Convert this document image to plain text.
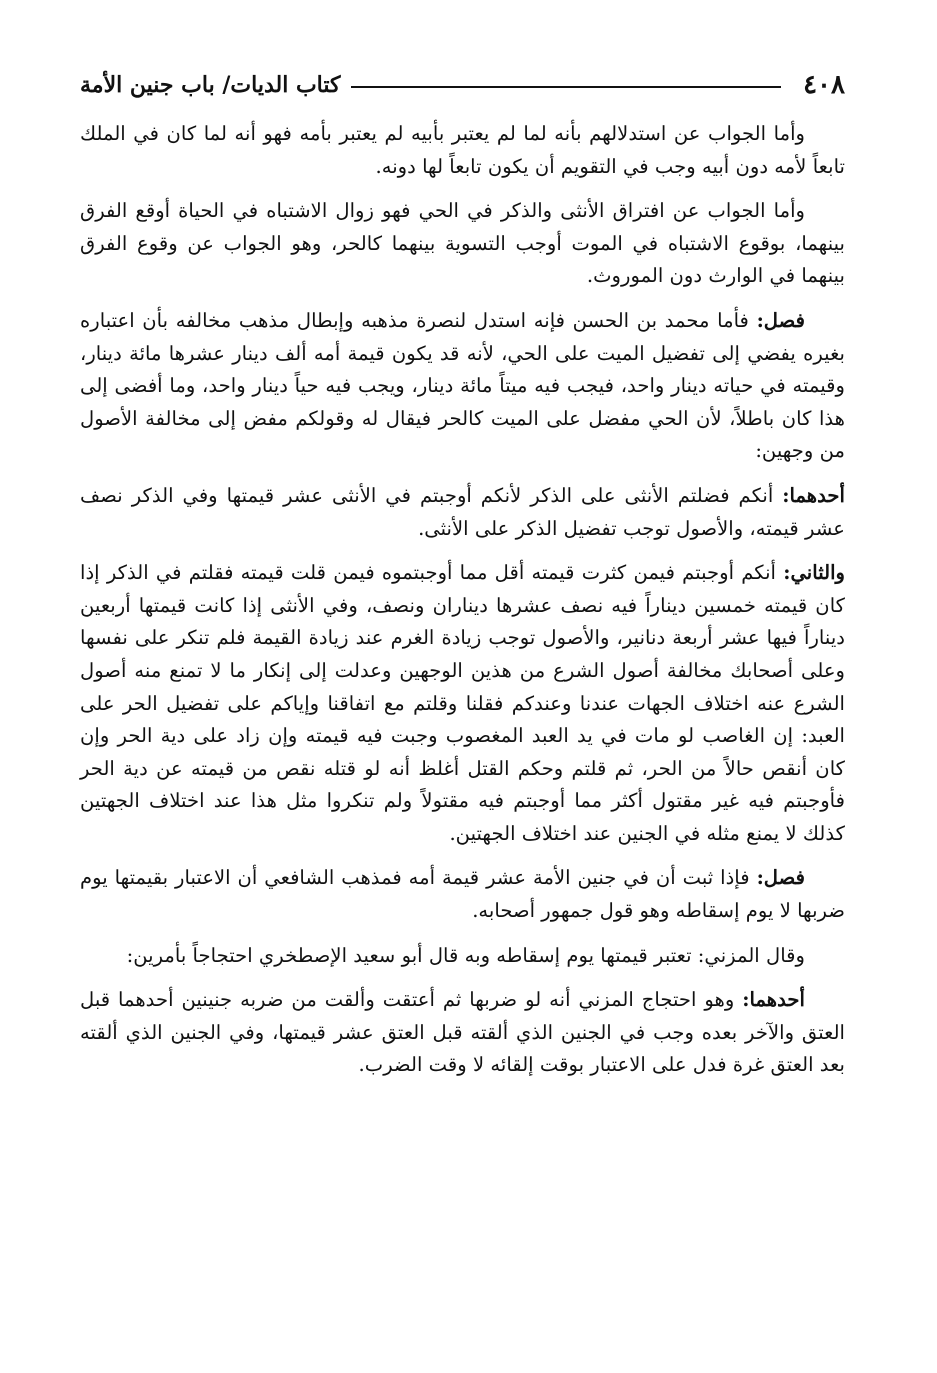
٤٠٨
كتاب الديات/ باب جنين الأمة

وأما الجواب عن استدلالهم بأنه لما لم يعتبر بأبيه لم يعتبر بأمه فهو أنه لما كان في الملك تابعاً لأمه دون أبيه وجب في التقويم أن يكون تابعاً لها دونه.

وأما الجواب عن افتراق الأنثى والذكر في الحي فهو زوال الاشتباه في الحياة أوقع الفرق بينهما، بوقوع الاشتباه في الموت أوجب التسوية بينهما كالحر، وهو الجواب عن وقوع الفرق بينهما في الوارث دون الموروث.

فصل: فأما محمد بن الحسن فإنه استدل لنصرة مذهبه وإبطال مذهب مخالفه بأن اعتباره بغيره يفضي إلى تفضيل الميت على الحي، لأنه قد يكون قيمة أمه ألف دينار عشرها مائة دينار، وقيمته في حياته دينار واحد، فيجب فيه ميتاً مائة دينار، ويجب فيه حياً دينار واحد، وما أفضى إلى هذا كان باطلاً، لأن الحي مفضل على الميت كالحر فيقال له وقولكم مفض إلى مخالفة الأصول من وجهين:

أحدهما: أنكم فضلتم الأنثى على الذكر لأنكم أوجبتم في الأنثى عشر قيمتها وفي الذكر نصف عشر قيمته، والأصول توجب تفضيل الذكر على الأنثى.

والثاني: أنكم أوجبتم فيمن كثرت قيمته أقل مما أوجبتموه فيمن قلت قيمته فقلتم في الذكر إذا كان قيمته خمسين ديناراً فيه نصف عشرها ديناران ونصف، وفي الأنثى إذا كانت قيمتها أربعين ديناراً فيها عشر أربعة دنانير، والأصول توجب زيادة الغرم عند زيادة القيمة فلم تنكر على نفسها وعلى أصحابك مخالفة أصول الشرع من هذين الوجهين وعدلت إلى إنكار ما لا تمنع منه أصول الشرع عنه اختلاف الجهات عندنا وعندكم فقلنا وقلتم مع اتفاقنا وإياكم على تفضيل الحر على العبد: إن الغاصب لو مات في يد العبد المغصوب وجبت فيه قيمته وإن زاد على دية الحر وإن كان أنقص حالاً من الحر، ثم قلتم وحكم القتل أغلظ أنه لو قتله نقص من قيمته عن دية الحر فأوجبتم فيه غير مقتول أكثر مما أوجبتم فيه مقتولاً ولم تنكروا مثل هذا عند اختلاف الجهتين كذلك لا يمنع مثله في الجنين عند اختلاف الجهتين.

فصل: فإذا ثبت أن في جنين الأمة عشر قيمة أمه فمذهب الشافعي أن الاعتبار بقيمتها يوم ضربها لا يوم إسقاطه وهو قول جمهور أصحابه.

وقال المزني: تعتبر قيمتها يوم إسقاطه وبه قال أبو سعيد الإصطخري احتجاجاً بأمرين:

أحدهما: وهو احتجاج المزني أنه لو ضربها ثم أعتقت وألقت من ضربه جنينين أحدهما قبل العتق والآخر بعده وجب في الجنين الذي ألقته قبل العتق عشر قيمتها، وفي الجنين الذي ألقته بعد العتق غرة فدل على الاعتبار بوقت إلقائه لا وقت الضرب.
